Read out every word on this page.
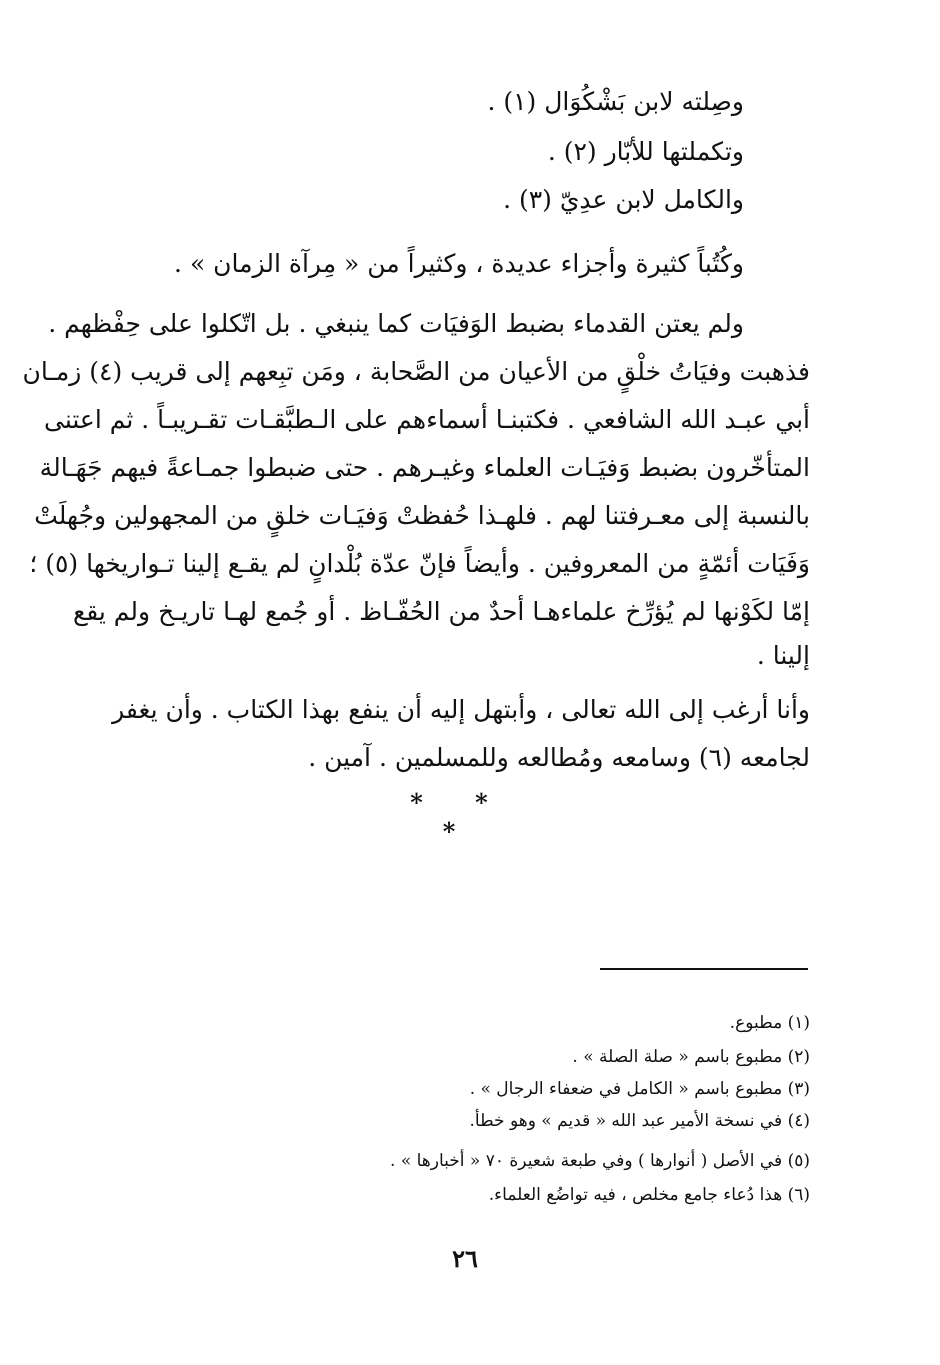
وصِلته لابن بَشْكُوَال (١) .
وتكملتها للأبّار (٢) .
والكامل لابن عدِيّ (٣) .
وكُتُباً كثيرة وأجزاء عديدة ، وكثيراً من « مِرآة الزمان » .
ولم يعتن القدماء بضبط الوَفيَات كما ينبغي . بل اتّكلوا على حِفْظهم .
فذهبت وفيَاتُ خلْقٍ من الأعيان من الصَّحابة ، ومَن تبِعهم إلى قريب (٤) زمـان
أبي عبـد الله الشافعي . فكتبنـا أسماءهم على الـطبَّقـات تقـريبـاً . ثم اعتنى
المتأخّرون بضبط وَفيَـات العلماء وغيـرهم . حتى ضبطوا جمـاعةً فيهم جَهَـالة
بالنسبة إلى معـرفتنا لهم . فلهـذا حُفظتْ وَفيَـات خلقٍ من المجهولين وجُهلَتْ
وَفَيَات أئمّةٍ من المعروفين . وأيضاً فإنّ عدّة بُلْدانٍ لم يقـع إلينا تـواريخها (٥) ؛
إمّا لكَوْنها لم يُؤرِّخ علماءهـا أحدٌ من الحُفّـاظ . أو جُمع لهـا تاريـخ ولم يقع
إلينا .
وأنا أرغب إلى الله تعالى ، وأبتهل إليه أن ينفع بهذا الكتاب . وأن يغفر
لجامعه (٦) وسامعه ومُطالعه وللمسلمين . آمين .
* * *
(١) مطبوع.
(٢) مطبوع باسم « صلة الصلة » .
(٣) مطبوع باسم « الكامل في ضعفاء الرجال » .
(٤) في نسخة الأمير عبد الله « قديم » وهو خطأ.
(٥) في الأصل ( أنوارها ) وفي طبعة شعيرة ٧٠ « أخبارها » .
(٦) هذا دُعاء جامع مخلص ، فيه تواضُع العلماء.
٢٦
